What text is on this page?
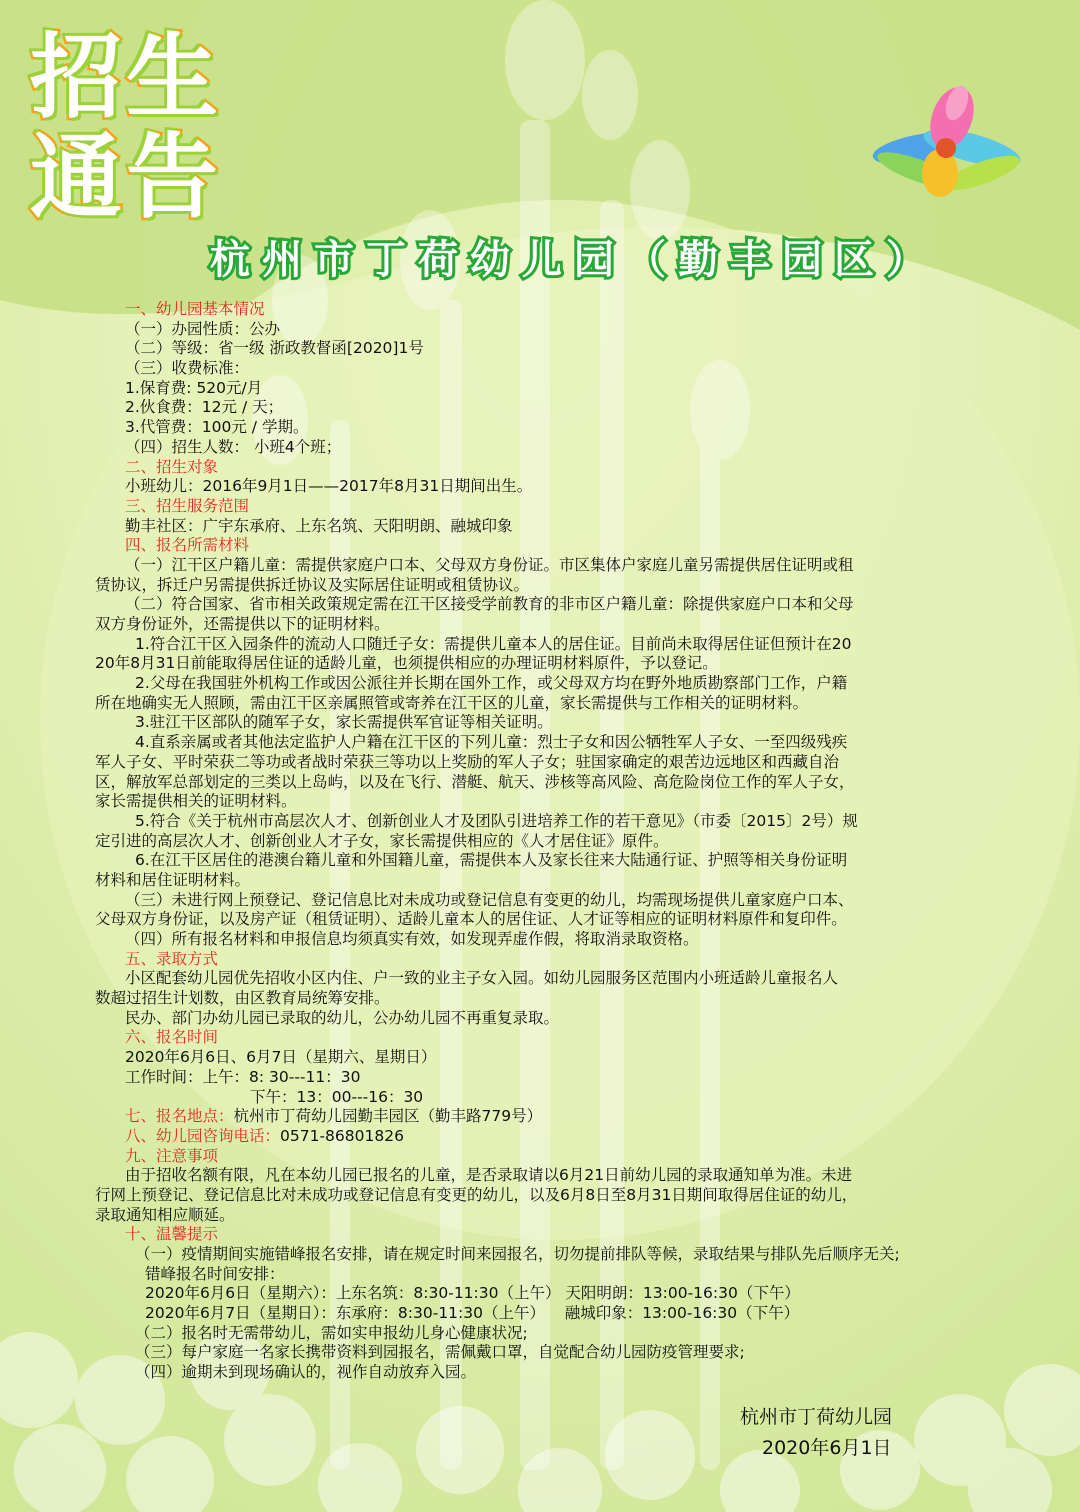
招生
通告
杭州市丁荷幼儿园（勤丰园区）
一、幼儿园基本情况
（一）办园性质：公办
（二）等级：省一级 浙政教督函[2020]1号
（三）收费标准：
1.保育费: 520元/月
2.伙食费：12元 / 天；
3.代管费：100元 / 学期。
（四）招生人数： 小班4个班；
二、招生对象
小班幼儿：2016年9月1日——2017年8月31日期间出生。
三、招生服务范围
勤丰社区：广宇东承府、上东名筑、天阳明朗、融城印象
四、报名所需材料
（一）江干区户籍儿童：需提供家庭户口本、父母双方身份证。市区集体户家庭儿童另需提供居住证明或租
赁协议，拆迁户另需提供拆迁协议及实际居住证明或租赁协议。
（二）符合国家、省市相关政策规定需在江干区接受学前教育的非市区户籍儿童：除提供家庭户口本和父母
双方身份证外，还需提供以下的证明材料。
1.符合江干区入园条件的流动人口随迁子女：需提供儿童本人的居住证。目前尚未取得居住证但预计在20
20年8月31日前能取得居住证的适龄儿童，也须提供相应的办理证明材料原件，予以登记。
2.父母在我国驻外机构工作或因公派往并长期在国外工作，或父母双方均在野外地质勘察部门工作，户籍
所在地确实无人照顾，需由江干区亲属照管或寄养在江干区的儿童，家长需提供与工作相关的证明材料。
3.驻江干区部队的随军子女，家长需提供军官证等相关证明。
4.直系亲属或者其他法定监护人户籍在江干区的下列儿童：烈士子女和因公牺牲军人子女、一至四级残疾
军人子女、平时荣获二等功或者战时荣获三等功以上奖励的军人子女；驻国家确定的艰苦边远地区和西藏自治
区，解放军总部划定的三类以上岛屿，以及在飞行、潜艇、航天、涉核等高风险、高危险岗位工作的军人子女，
家长需提供相关的证明材料。
5.符合《关于杭州市高层次人才、创新创业人才及团队引进培养工作的若干意见》（市委〔2015〕2号）规
定引进的高层次人才、创新创业人才子女，家长需提供相应的《人才居住证》原件。
6.在江干区居住的港澳台籍儿童和外国籍儿童，需提供本人及家长往来大陆通行证、护照等相关身份证明
材料和居住证明材料。
（三）未进行网上预登记、登记信息比对未成功或登记信息有变更的幼儿，均需现场提供儿童家庭户口本、
父母双方身份证，以及房产证（租赁证明）、适龄儿童本人的居住证、人才证等相应的证明材料原件和复印件。
（四）所有报名材料和申报信息均须真实有效，如发现弄虚作假，将取消录取资格。
五、录取方式
小区配套幼儿园优先招收小区内住、户一致的业主子女入园。如幼儿园服务区范围内小班适龄儿童报名人
数超过招生计划数，由区教育局统筹安排。
民办、部门办幼儿园已录取的幼儿，公办幼儿园不再重复录取。
六、报名时间
2020年6月6日、6月7日（星期六、星期日）
工作时间：上午：8: 30---11：30
下午：13：00---16：30
七、报名地点：杭州市丁荷幼儿园勤丰园区（勤丰路779号）
八、幼儿园咨询电话：0571-86801826
九、注意事项
由于招收名额有限，凡在本幼儿园已报名的儿童，是否录取请以6月21日前幼儿园的录取通知单为准。未进
行网上预登记、登记信息比对未成功或登记信息有变更的幼儿，以及6月8日至8月31日期间取得居住证的幼儿，
录取通知相应顺延。
十、温馨提示
（一）疫情期间实施错峰报名安排，请在规定时间来园报名，切勿提前排队等候，录取结果与排队先后顺序无关;
错峰报名时间安排：
2020年6月6日（星期六）：上东名筑：8:30-11:30（上午） 天阳明朗：13:00-16:30（下午）
2020年6月7日（星期日）：东承府：8:30-11:30（上午）    融城印象：13:00-16:30（下午）
（二）报名时无需带幼儿，需如实申报幼儿身心健康状况;
（三）每户家庭一名家长携带资料到园报名，需佩戴口罩，自觉配合幼儿园防疫管理要求;
（四）逾期未到现场确认的，视作自动放弃入园。
杭州市丁荷幼儿园
2020年6月1日
